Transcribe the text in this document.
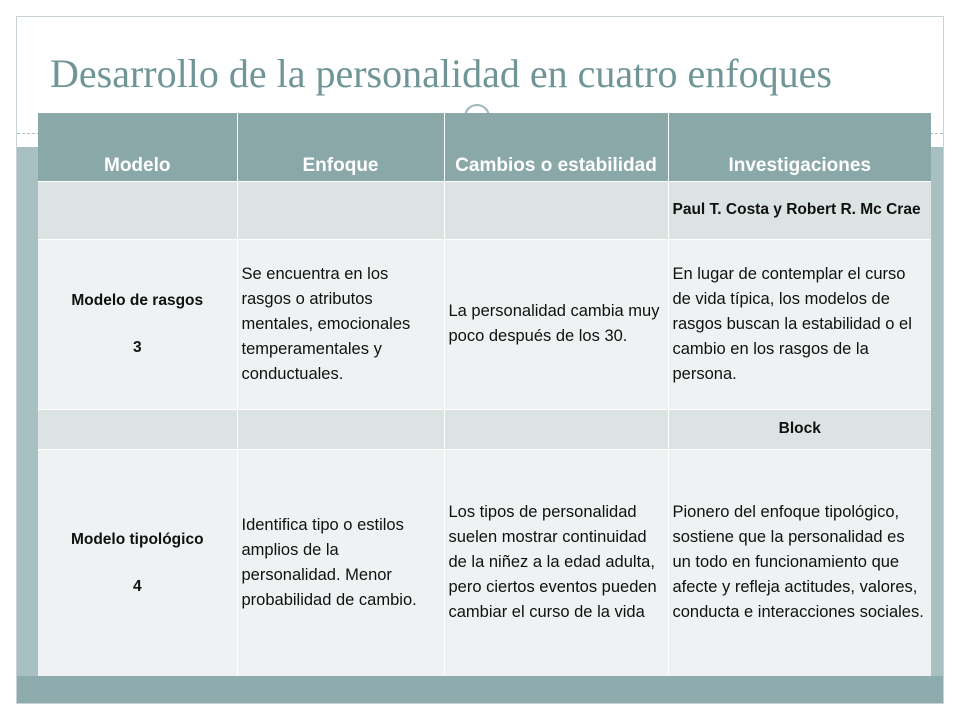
Desarrollo de la personalidad en cuatro enfoques
Modelo	Enfoque	Cambios o estabilidad	Investigaciones
			Paul T. Costa y Robert R. Mc Crae
Modelo de rasgos
3	Se encuentra en los rasgos o atributos mentales, emocionales temperamentales y conductuales.	La personalidad cambia muy poco después de los 30.	En lugar de contemplar el curso de vida típica, los modelos de rasgos buscan la estabilidad o el cambio en los rasgos de la persona.
			Block
Modelo tipológico
4	Identifica tipo o estilos amplios de la personalidad. Menor probabilidad de cambio.	Los tipos de personalidad suelen mostrar continuidad de la niñez a la edad adulta, pero ciertos eventos pueden cambiar el curso de la vida	Pionero del enfoque tipológico, sostiene que la personalidad es un todo en funcionamiento que afecte y refleja actitudes, valores, conducta e interacciones sociales.
